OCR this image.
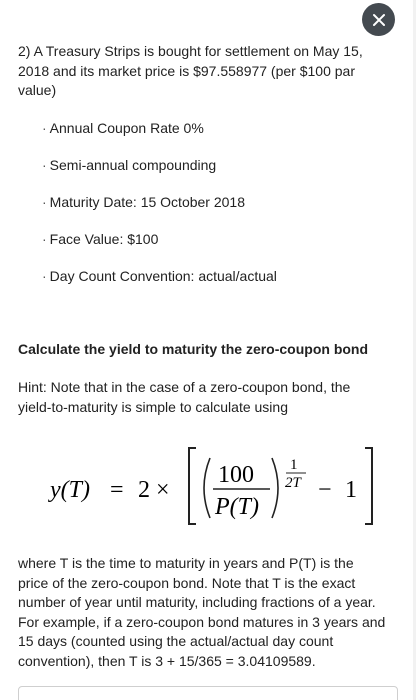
2) A Treasury Strips is bought for settlement on May 15, 2018 and its market price is $97.558977 (per $100 par value)

· Annual Coupon Rate 0%
· Semi-annual compounding
· Maturity Date: 15 October 2018
· Face Value: $100
· Day Count Convention: actual/actual
Calculate the yield to maturity the zero-coupon bond

Hint: Note that in the case of a zero-coupon bond, the yield-to-maturity is simple to calculate using

y(T) = 2 ×
100
P(T)
1
2T − 1

where T is the time to maturity in years and P(T) is the price of the zero-coupon bond. Note that T is the exact number of year until maturity, including fractions of a year. For example, if a zero-coupon bond matures in 3 years and 15 days (counted using the actual/actual day count convention), then T is 3 + 15/365 = 3.04109589.
